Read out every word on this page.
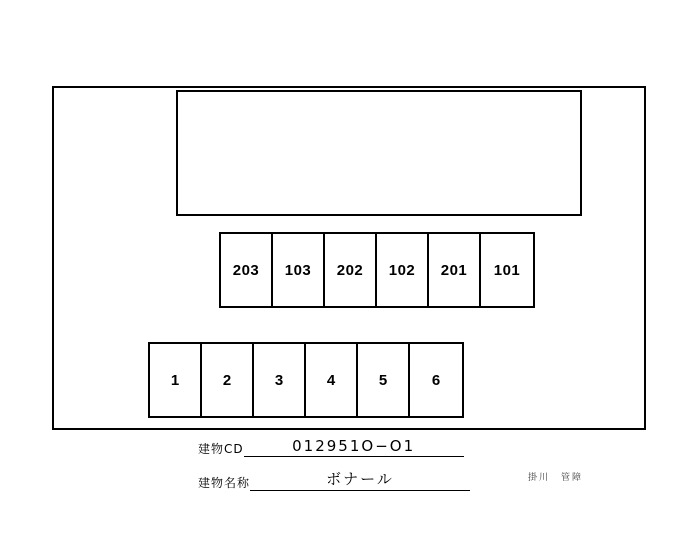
203	103	202	102	201	101
1	2	3	4	5	6
建物CD	012951O−O1
建物名称	ボナール	掛川　管障
